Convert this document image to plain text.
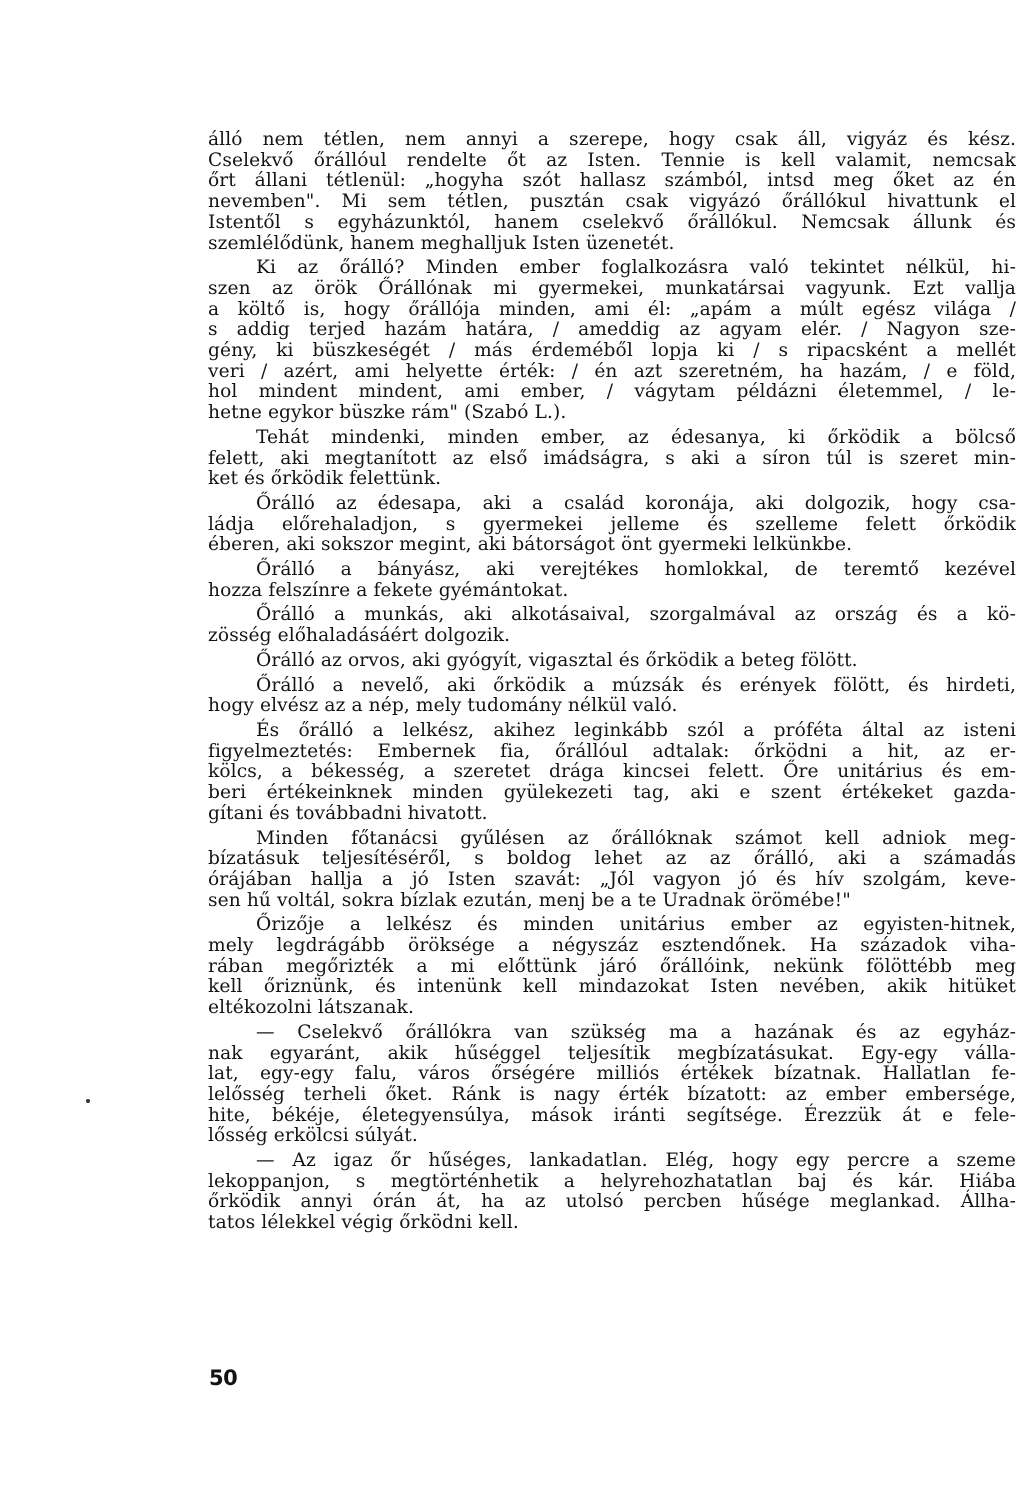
álló nem tétlen, nem annyi a szerepe, hogy csak áll, vigyáz és kész.
Cselekvő őrállóul rendelte őt az Isten. Tennie is kell valamit, nemcsak
őrt állani tétlenül: „hogyha szót hallasz számból, intsd meg őket az én
nevemben". Mi sem tétlen, pusztán csak vigyázó őrállókul hivattunk el
Istentől s egyházunktól, hanem cselekvő őrállókul. Nemcsak állunk és
szemlélődünk, hanem meghalljuk Isten üzenetét.

Ki az őrálló? Minden ember foglalkozásra való tekintet nélkül, hi-
szen az örök Őrállónak mi gyermekei, munkatársai vagyunk. Ezt vallja
a költő is, hogy őrállója minden, ami él: „apám a múlt egész világa /
s addig terjed hazám határa, / ameddig az agyam elér. / Nagyon sze-
gény, ki büszkeségét / más érdeméből lopja ki / s ripacsként a mellét
veri / azért, ami helyette érték: / én azt szeretném, ha hazám, / e föld,
hol mindent mindent, ami ember, / vágytam példázni életemmel, / le-
hetne egykor büszke rám" (Szabó L.).

Tehát mindenki, minden ember, az édesanya, ki őrködik a bölcső
felett, aki megtanított az első imádságra, s aki a síron túl is szeret min-
ket és őrködik felettünk.

Őrálló az édesapa, aki a család koronája, aki dolgozik, hogy csa-
ládja előrehaladjon, s gyermekei jelleme és szelleme felett őrködik
éberen, aki sokszor megint, aki bátorságot önt gyermeki lelkünkbe.

Őrálló a bányász, aki verejtékes homlokkal, de teremtő kezével
hozza felszínre a fekete gyémántokat.

Őrálló a munkás, aki alkotásaival, szorgalmával az ország és a kö-
zösség előhaladásáért dolgozik.

Őrálló az orvos, aki gyógyít, vigasztal és őrködik a beteg fölött.

Őrálló a nevelő, aki őrködik a múzsák és erények fölött, és hirdeti,
hogy elvész az a nép, mely tudomány nélkül való.

És őrálló a lelkész, akihez leginkább szól a próféta által az isteni
figyelmeztetés: Embernek fia, őrállóul adtalak: őrködni a hit, az er-
kölcs, a békesség, a szeretet drága kincsei felett. Őre unitárius és em-
beri értékeinknek minden gyülekezeti tag, aki e szent értékeket gazda-
gítani és továbbadni hivatott.

Minden főtanácsi gyűlésen az őrállóknak számot kell adniok meg-
bízatásuk teljesítéséről, s boldog lehet az az őrálló, aki a számadás
órájában hallja a jó Isten szavát: „Jól vagyon jó és hív szolgám, keve-
sen hű voltál, sokra bízlak ezután, menj be a te Uradnak örömébe!"

Őrizője a lelkész és minden unitárius ember az egyisten-hitnek,
mely legdrágább öröksége a négyszáz esztendőnek. Ha századok viha-
rában megőrizték a mi előttünk járó őrállóink, nekünk fölöttébb meg
kell őriznünk, és intenünk kell mindazokat Isten nevében, akik hitüket
eltékozolni látszanak.

— Cselekvő őrállókra van szükség ma a hazának és az egyház-
nak egyaránt, akik hűséggel teljesítik megbízatásukat. Egy-egy válla-
lat, egy-egy falu, város őrségére milliós értékek bízatnak. Hallatlan fe-
lelősség terheli őket. Ránk is nagy érték bízatott: az ember embersége,
hite, békéje, életegyensúlya, mások iránti segítsége. Érezzük át e fele-
lősség erkölcsi súlyát.

— Az igaz őr hűséges, lankadatlan. Elég, hogy egy percre a szeme
lekoppanjon, s megtörténhetik a helyrehozhatatlan baj és kár. Hiába
őrködik annyi órán át, ha az utolsó percben hűsége meglankad. Állha-
tatos lélekkel végig őrködni kell.

50
